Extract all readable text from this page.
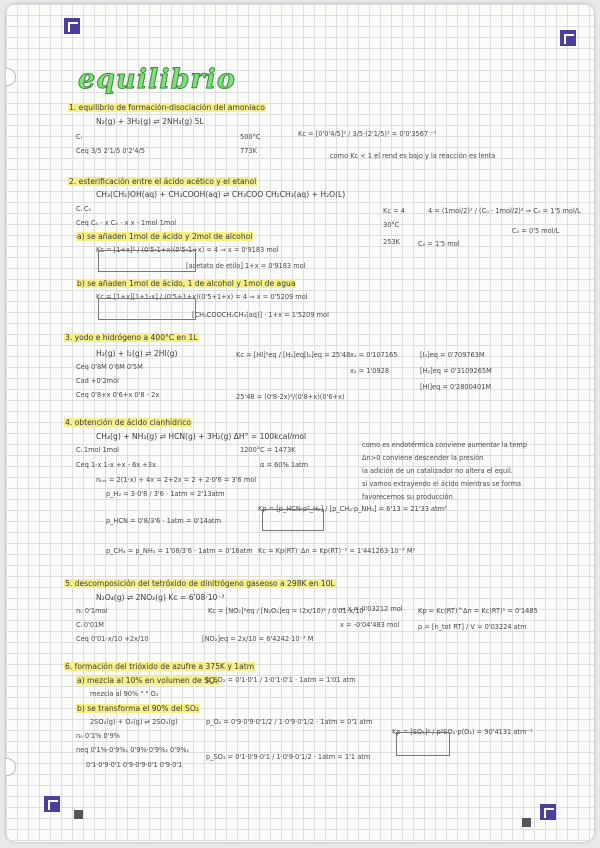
equilibrio
1. equilibrio de formación-disociación del amoniaco
N₂(g) + 3H₂(g) ⇌ 2NH₃(g) 5L
Cᵢ	500°C
Ceq 3/5 2'1/5 0'2'4/5	773K
Kc = [0'0'4/5]² / 3/5·(2'1/5)³ = 0'0'3567 ⁻¹
como Kc < 1 el rend es bajo y la reacción es lenta
2. esterificación entre el ácido acético y el etanol
CH₃(CH₂)OH(aq) + CH₃COOH(aq) ⇌ CH₃COO CH₂CH₃(aq) + H₂O(L)
Cᵢ C₀
Ceq C₀ - x C₀ - x x - 1mol 1mol
Kc = 4
30°C
253K
4 = (1mol/2)² / (C₀ - 1mol/2)² ⇒ C₀ = 1'5 mol/L
C₀ = 0'5 mol/L
C₀ = 1'5 mol
a) se añaden 1mol de ácido y 2mol de alcohol
Kc = [1+x]² / (0'5-1+x)(0'5-1+x) = 4 ⇒ x = 0'9183 mol
[acetato de etilo] 1+x = 0'9183 mol
b) se añaden 1mol de ácido, 1 de alcohol y 1mol de agua
Kc = [1+x][1+1-x] / (0'5+1+x)(0'5+1+x) = 4 ⇒ x = 0'5209 mol
[CH₃COOCH₂CH₃(aq)] · 1+x = 1'5209 mol
3. yodo e hidrógeno a 400°C en 1L
H₂(g) + I₂(g) ⇌ 2HI(g)
Ceq 0'8M 0'6M 0'5M
Cad +0'2mol
Ceq 0'8+x 0'6+x 0'8 - 2x
Kc = [HI]²eq / [H₂]eq[I₂]eq = 25'48
25'48 = (0'8-2x)²/(0'8+x)(0'6+x)
x₁ = 0'107165
x₂ = 1'0928
[I₂]eq = 0'709763M
[H₂]eq = 0'3109265M
[HI]eq = 0'2800401M
4. obtención de ácido cianhídrico
CH₄(g) + NH₃(g) ⇌ HCN(g) + 3H₂(g) ΔH° = 100kcal/mol
Cᵢ 1mol 1mol
Ceq 1-x 1-x +x - 6x +3x
1200°C = 1473K
α = 60% 1atm
nₜₒₜ = 2(1-x) + 4x = 2+2x = 2 + 2·0'6 = 3'6 mol
p_H₂ = 3·0'8 / 3'6 · 1atm = 2'13atm
p_HCN = 0'8/3'6 · 1atm = 0'14atm
p_CH₄ = p_NH₃ = 1'08/3'6 · 1atm = 0'16atm
Kp = [p_HCN·p³_H₂] / [p_CH₄·p_NH₃] = 6'13 = 21'33 atm²
Kc = Kp(RT)⁻Δn = Kp(RT)⁻² = 1'441263·10⁻³ M²
como es endotérmica conviene aumentar la temp
Δn>0 conviene descender la presión
la adición de un catalizador no altera el equil.
si vamos extrayendo el ácido mientras se forma
favorecemos su producción
5. descomposición del tetróxido de dinitrógeno gaseoso a 298K en 10L
N₂O₄(g) ⇌ 2NO₂(g) Kc = 6'08·10⁻³
n₀ 0'1mol
Cᵢ 0'01M
Ceq 0'01-x/10 +2x/10
Kc = [NO₂]²eq / [N₂O₄]eq = (2x/10)² / 0'01-x/10
⇒ x = 0'03212 mol
x = -0'04'483 mol
[NO₂]eq = 2x/10 = 6'4242·10⁻³ M
Kp = Kc(RT)^Δn = Kc(RT)¹ = 0'1485
p = [n_tot RT] / V = 0'03224 atm
6. formación del trióxido de azufre a 375K y 1atm
a) mezcla al 10% en volumen de SO₂
mezcla al 90% " " O₂
p_SO₂ = 0'1·0'1 / 1·0'1·0'1 · 1atm = 1'01 atm
b) se transforma el 90% del SO₂
2SO₂(g) + O₂(g) ⇌ 2SO₃(g)
n₀ 0'1% 0'9%
neq 0'1%·0'9%₁ 0'9%·0'9%₂ 0'9%₁
0'1·0'9·0'1 0'9·0'9·0'1 0'9·0'1
p_O₂ = 0'9·0'9·0'1/2 / 1·0'9·0'1/2 · 1atm = 0'1 atm
p_SO₃ = 0'1·0'9·0'1 / 1·0'9·0'1/2 · 1atm = 1'1 atm
Kp = [SO₃]² / p²SO₂·p(O₂) = 90'4131 atm⁻¹
